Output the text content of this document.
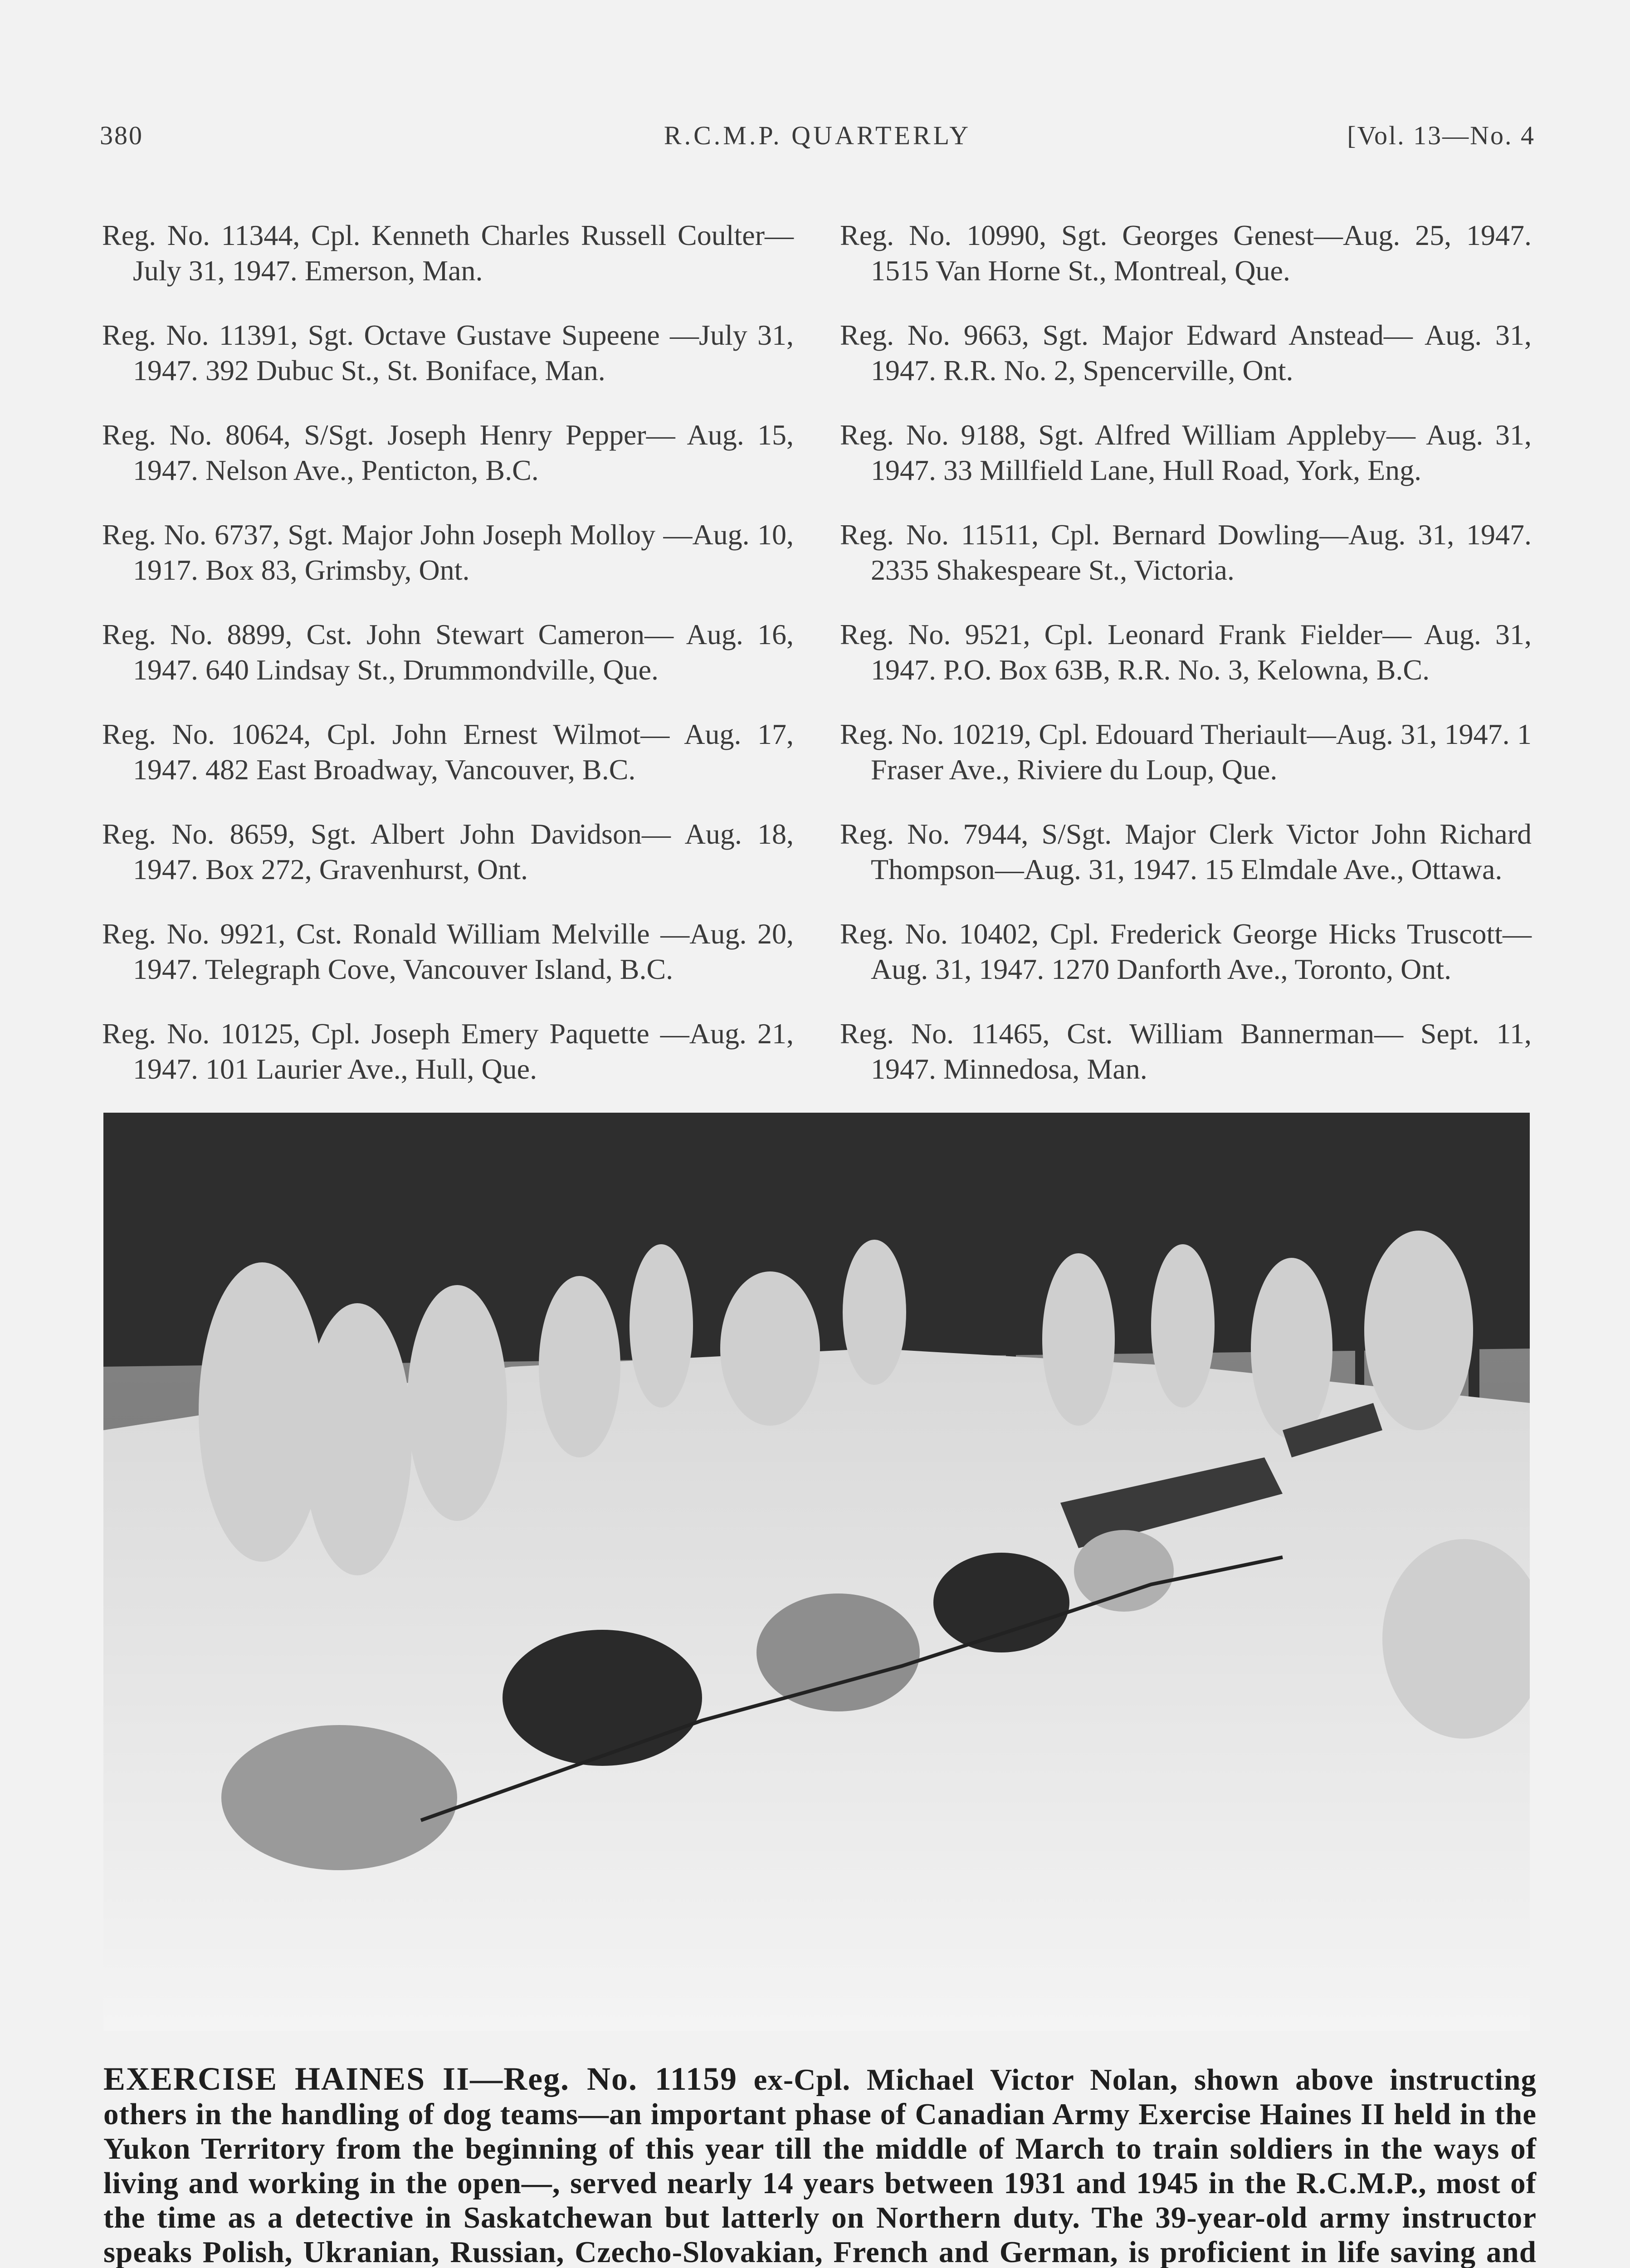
380	R.C.M.P. QUARTERLY	[Vol. 13—No. 4

Reg. No. 11344, Cpl. Kenneth Charles Russell Coulter—July 31, 1947. Emerson, Man.

Reg. No. 11391, Sgt. Octave Gustave Supeene —July 31, 1947. 392 Dubuc St., St. Boniface, Man.

Reg. No. 8064, S/Sgt. Joseph Henry Pepper— Aug. 15, 1947. Nelson Ave., Penticton, B.C.

Reg. No. 6737, Sgt. Major John Joseph Molloy —Aug. 10, 1917. Box 83, Grimsby, Ont.

Reg. No. 8899, Cst. John Stewart Cameron— Aug. 16, 1947. 640 Lindsay St., Drummondville, Que.

Reg. No. 10624, Cpl. John Ernest Wilmot— Aug. 17, 1947. 482 East Broadway, Vancouver, B.C.

Reg. No. 8659, Sgt. Albert John Davidson— Aug. 18, 1947. Box 272, Gravenhurst, Ont.

Reg. No. 9921, Cst. Ronald William Melville —Aug. 20, 1947. Telegraph Cove, Vancouver Island, B.C.

Reg. No. 10125, Cpl. Joseph Emery Paquette —Aug. 21, 1947. 101 Laurier Ave., Hull, Que.

Reg. No. 10990, Sgt. Georges Genest—Aug. 25, 1947. 1515 Van Horne St., Montreal, Que.

Reg. No. 9663, Sgt. Major Edward Anstead— Aug. 31, 1947. R.R. No. 2, Spencerville, Ont.

Reg. No. 9188, Sgt. Alfred William Appleby— Aug. 31, 1947. 33 Millfield Lane, Hull Road, York, Eng.

Reg. No. 11511, Cpl. Bernard Dowling—Aug. 31, 1947. 2335 Shakespeare St., Victoria.

Reg. No. 9521, Cpl. Leonard Frank Fielder— Aug. 31, 1947. P.O. Box 63B, R.R. No. 3, Kelowna, B.C.

Reg. No. 10219, Cpl. Edouard Theriault—Aug. 31, 1947. 1 Fraser Ave., Riviere du Loup, Que.

Reg. No. 7944, S/Sgt. Major Clerk Victor John Richard Thompson—Aug. 31, 1947. 15 Elmdale Ave., Ottawa.

Reg. No. 10402, Cpl. Frederick George Hicks Truscott—Aug. 31, 1947. 1270 Danforth Ave., Toronto, Ont.

Reg. No. 11465, Cst. William Bannerman— Sept. 11, 1947. Minnedosa, Man.

EXERCISE HAINES II—Reg. No. 11159 ex-Cpl. Michael Victor Nolan, shown above instructing others in the handling of dog teams—an important phase of Canadian Army Exercise Haines II held in the Yukon Territory from the beginning of this year till the middle of March to train soldiers in the ways of living and working in the open—, served nearly 14 years between 1931 and 1945 in the R.C.M.P., most of the time as a detective in Saskatchewan but latterly on Northern duty. The 39-year-old army instructor speaks Polish, Ukranian, Russian, Czecho-Slovakian, French and German, is proficient in life saving and
